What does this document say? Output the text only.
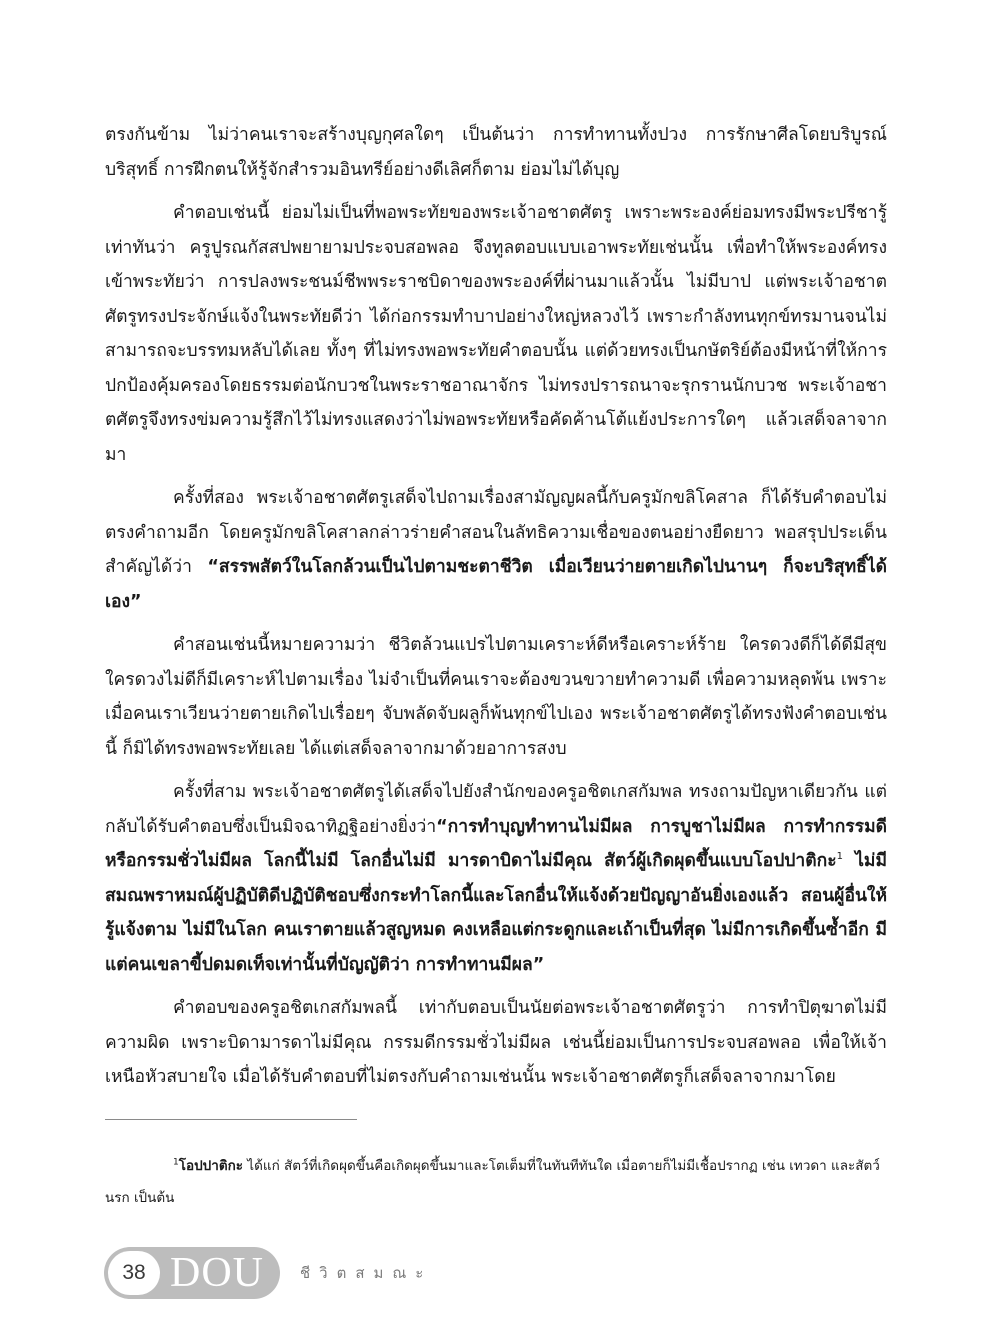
ตรงกันข้าม ไม่ว่าคนเราจะสร้างบุญกุศลใดๆ เป็นต้นว่า การทำทานทั้งปวง การรักษาศีลโดยบริบูรณ์บริสุทธิ์ การฝึกตนให้รู้จักสำรวมอินทรีย์อย่างดีเลิศก็ตาม ย่อมไม่ได้บุญ

คำตอบเช่นนี้ ย่อมไม่เป็นที่พอพระทัยของพระเจ้าอชาตศัตรู เพราะพระองค์ย่อมทรงมีพระปรีชารู้เท่าทันว่า ครูปูรณกัสสปพยายามประจบสอพลอ จึงทูลตอบแบบเอาพระทัยเช่นนั้น เพื่อทำให้พระองค์ทรงเข้าพระทัยว่า การปลงพระชนม์ชีพพระราชบิดาของพระองค์ที่ผ่านมาแล้วนั้น ไม่มีบาป แต่พระเจ้าอชาตศัตรูทรงประจักษ์แจ้งในพระทัยดีว่า ได้ก่อกรรมทำบาปอย่างใหญ่หลวงไว้ เพราะกำลังทนทุกข์ทรมานจนไม่สามารถจะบรรทมหลับได้เลย ทั้งๆ ที่ไม่ทรงพอพระทัยคำตอบนั้น แต่ด้วยทรงเป็นกษัตริย์ต้องมีหน้าที่ให้การปกป้องคุ้มครองโดยธรรมต่อนักบวชในพระราชอาณาจักร ไม่ทรงปรารถนาจะรุกรานนักบวช พระเจ้าอชาตศัตรูจึงทรงข่มความรู้สึกไว้ไม่ทรงแสดงว่าไม่พอพระทัยหรือคัดค้านโต้แย้งประการใดๆ แล้วเสด็จลาจากมา

ครั้งที่สอง พระเจ้าอชาตศัตรูเสด็จไปถามเรื่องสามัญญผลนี้กับครูมักขลิโคสาล ก็ได้รับคำตอบไม่ตรงคำถามอีก โดยครูมักขลิโคสาลกล่าวร่ายคำสอนในลัทธิความเชื่อของตนอย่างยืดยาว พอสรุปประเด็นสำคัญได้ว่า “สรรพสัตว์ในโลกล้วนเป็นไปตามชะตาชีวิต เมื่อเวียนว่ายตายเกิดไปนานๆ ก็จะบริสุทธิ์ได้เอง”

คำสอนเช่นนี้หมายความว่า ชีวิตล้วนแปรไปตามเคราะห์ดีหรือเคราะห์ร้าย ใครดวงดีก็ได้ดีมีสุข ใครดวงไม่ดีก็มีเคราะห์ไปตามเรื่อง ไม่จำเป็นที่คนเราจะต้องขวนขวายทำความดี เพื่อความหลุดพ้น เพราะเมื่อคนเราเวียนว่ายตายเกิดไปเรื่อยๆ จับพลัดจับผลูก็พ้นทุกข์ไปเอง พระเจ้าอชาตศัตรูได้ทรงฟังคำตอบเช่นนี้ ก็มิได้ทรงพอพระทัยเลย ได้แต่เสด็จลาจากมาด้วยอาการสงบ

ครั้งที่สาม พระเจ้าอชาตศัตรูได้เสด็จไปยังสำนักของครูอชิตเกสกัมพล ทรงถามปัญหาเดียวกัน แต่กลับได้รับคำตอบซึ่งเป็นมิจฉาทิฏฐิอย่างยิ่งว่า“การทำบุญทำทานไม่มีผล การบูชาไม่มีผล การทำกรรมดีหรือกรรมชั่วไม่มีผล โลกนี้ไม่มี โลกอื่นไม่มี มารดาบิดาไม่มีคุณ สัตว์ผู้เกิดผุดขึ้นแบบโอปปาติกะ$^1$ ไม่มี สมณพราหมณ์ผู้ปฏิบัติดีปฏิบัติชอบซึ่งกระทำโลกนี้และโลกอื่นให้แจ้งด้วยปัญญาอันยิ่งเองแล้ว สอนผู้อื่นให้รู้แจ้งตาม ไม่มีในโลก คนเราตายแล้วสูญหมด คงเหลือแต่กระดูกและเถ้าเป็นที่สุด ไม่มีการเกิดขึ้นซ้ำอีก มีแต่คนเขลาขี้ปดมดเท็จเท่านั้นที่บัญญัติว่า การทำทานมีผล”

คำตอบของครูอชิตเกสกัมพลนี้ เท่ากับตอบเป็นนัยต่อพระเจ้าอชาตศัตรูว่า การทำปิตุฆาตไม่มีความผิด เพราะบิดามารดาไม่มีคุณ กรรมดีกรรมชั่วไม่มีผล เช่นนี้ย่อมเป็นการประจบสอพลอ เพื่อให้เจ้าเหนือหัวสบายใจ เมื่อได้รับคำตอบที่ไม่ตรงกับคำถามเช่นนั้น พระเจ้าอชาตศัตรูก็เสด็จลาจากมาโดย

$^1$โอปปาติกะ ได้แก่ สัตว์ที่เกิดผุดขึ้นคือเกิดผุดขึ้นมาและโตเต็มที่ในทันทีทันใด เมื่อตายก็ไม่มีเชื้อปรากฏ เช่น เทวดา และสัตว์นรก เป็นต้น
38 DOU ชีวิตสมณะ
